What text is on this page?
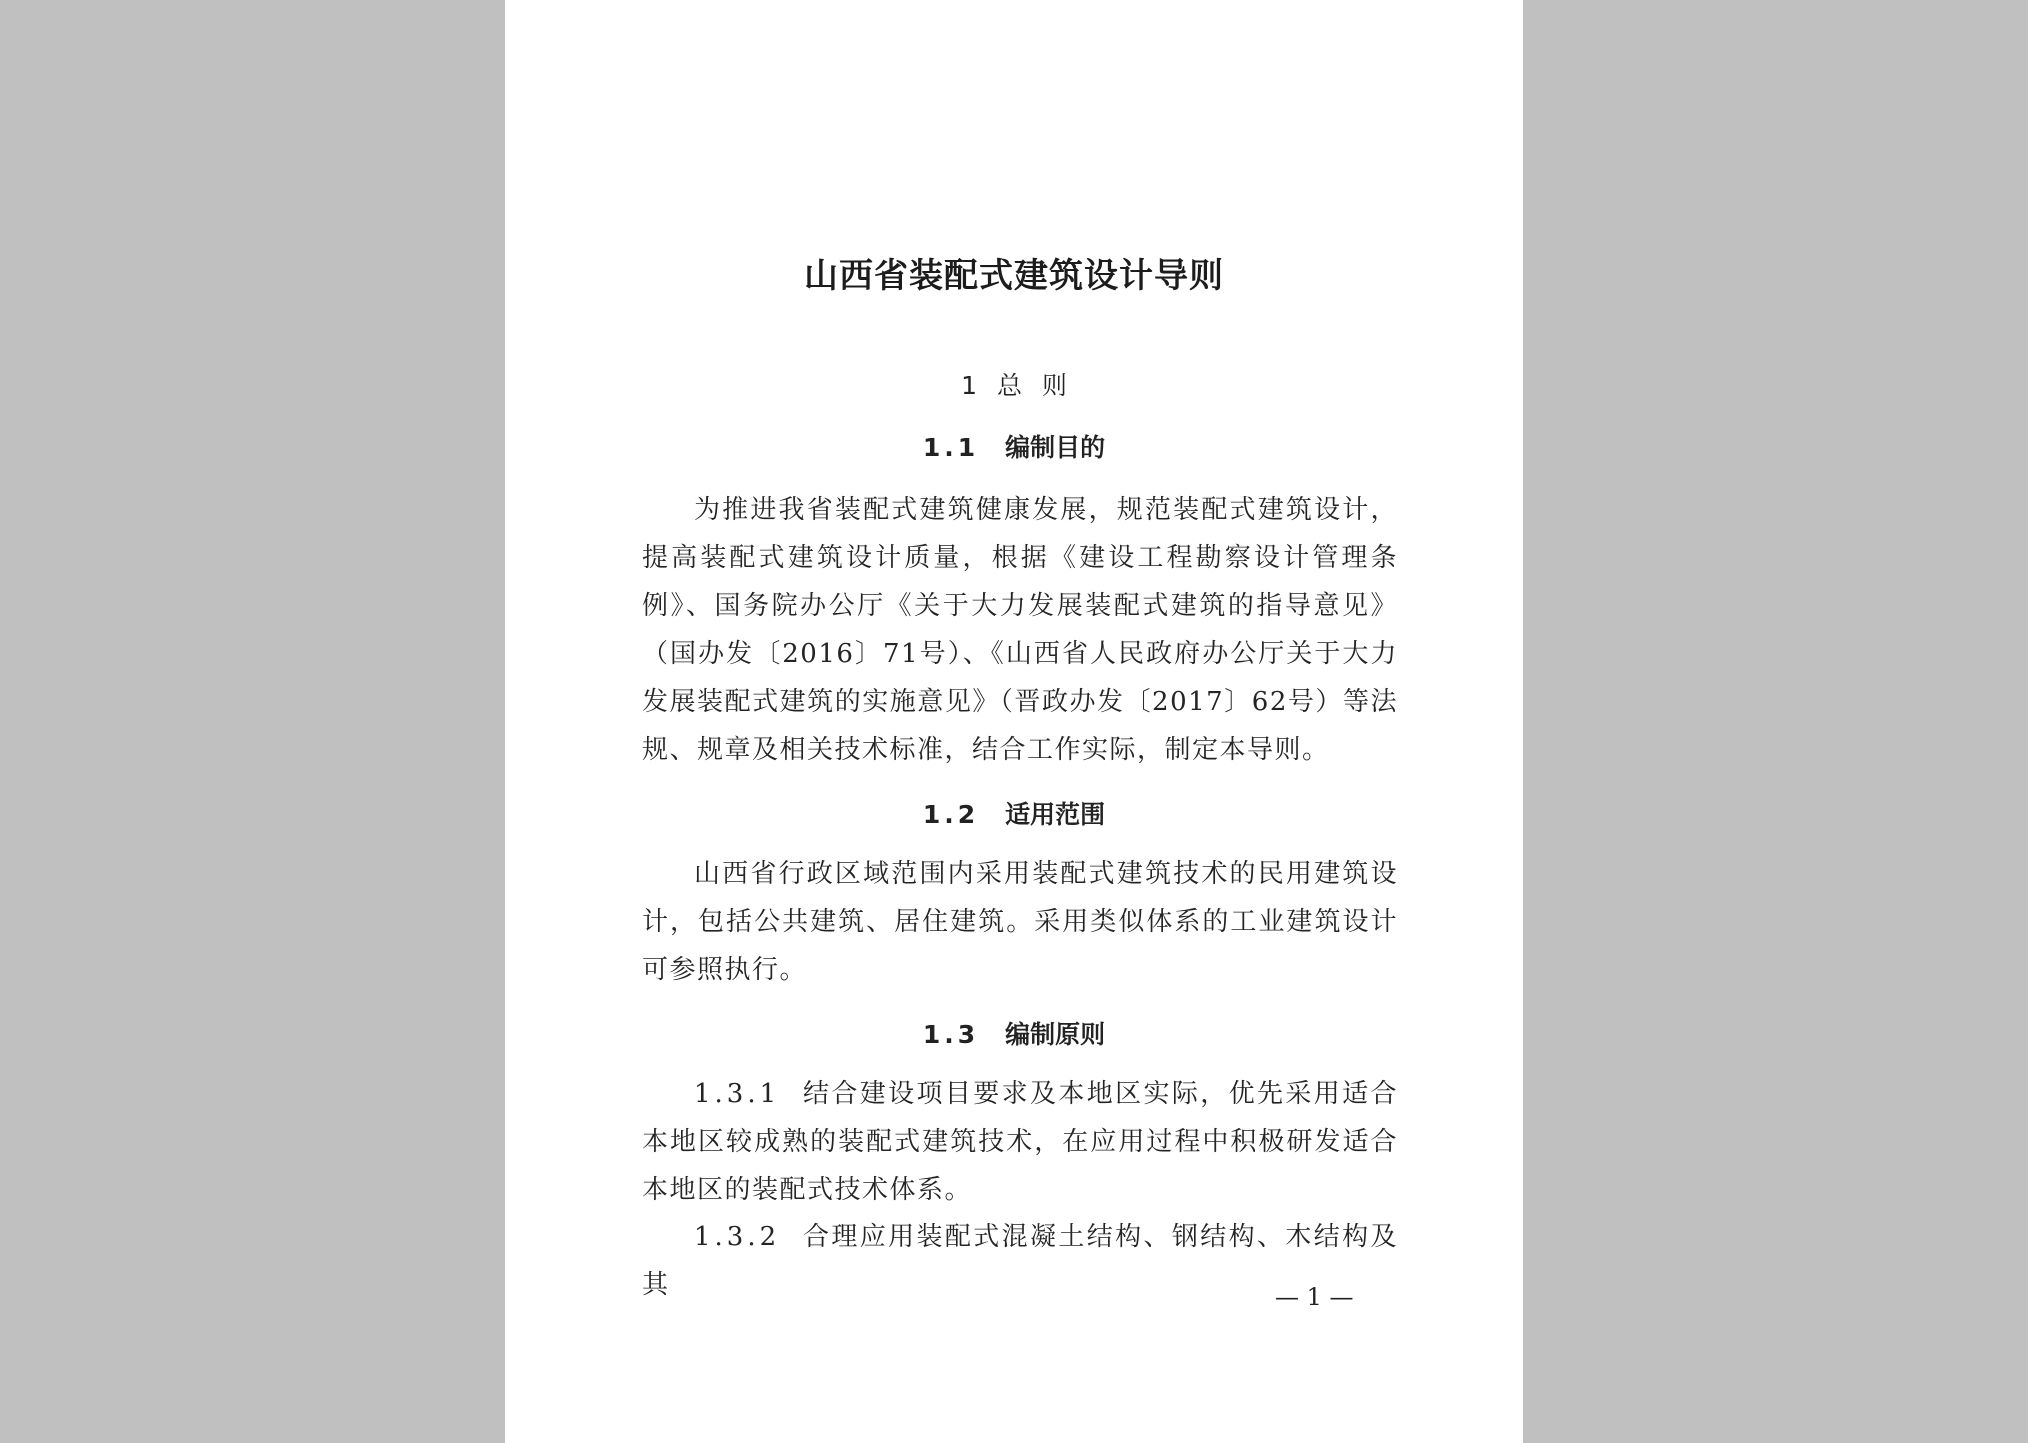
山西省装配式建筑设计导则
1 总 则
1.1 编制目的
为推进我省装配式建筑健康发展，规范装配式建筑设计，提高装配式建筑设计质量，根据《建设工程勘察设计管理条例》、国务院办公厅《关于大力发展装配式建筑的指导意见》（国办发〔2016〕71号）、《山西省人民政府办公厅关于大力发展装配式建筑的实施意见》（晋政办发〔2017〕62号）等法规、规章及相关技术标准，结合工作实际，制定本导则。
1.2 适用范围
山西省行政区域范围内采用装配式建筑技术的民用建筑设计，包括公共建筑、居住建筑。采用类似体系的工业建筑设计可参照执行。
1.3 编制原则
1.3.1 结合建设项目要求及本地区实际，优先采用适合本地区较成熟的装配式建筑技术，在应用过程中积极研发适合本地区的装配式技术体系。
1.3.2 合理应用装配式混凝土结构、钢结构、木结构及其	— 1 —
